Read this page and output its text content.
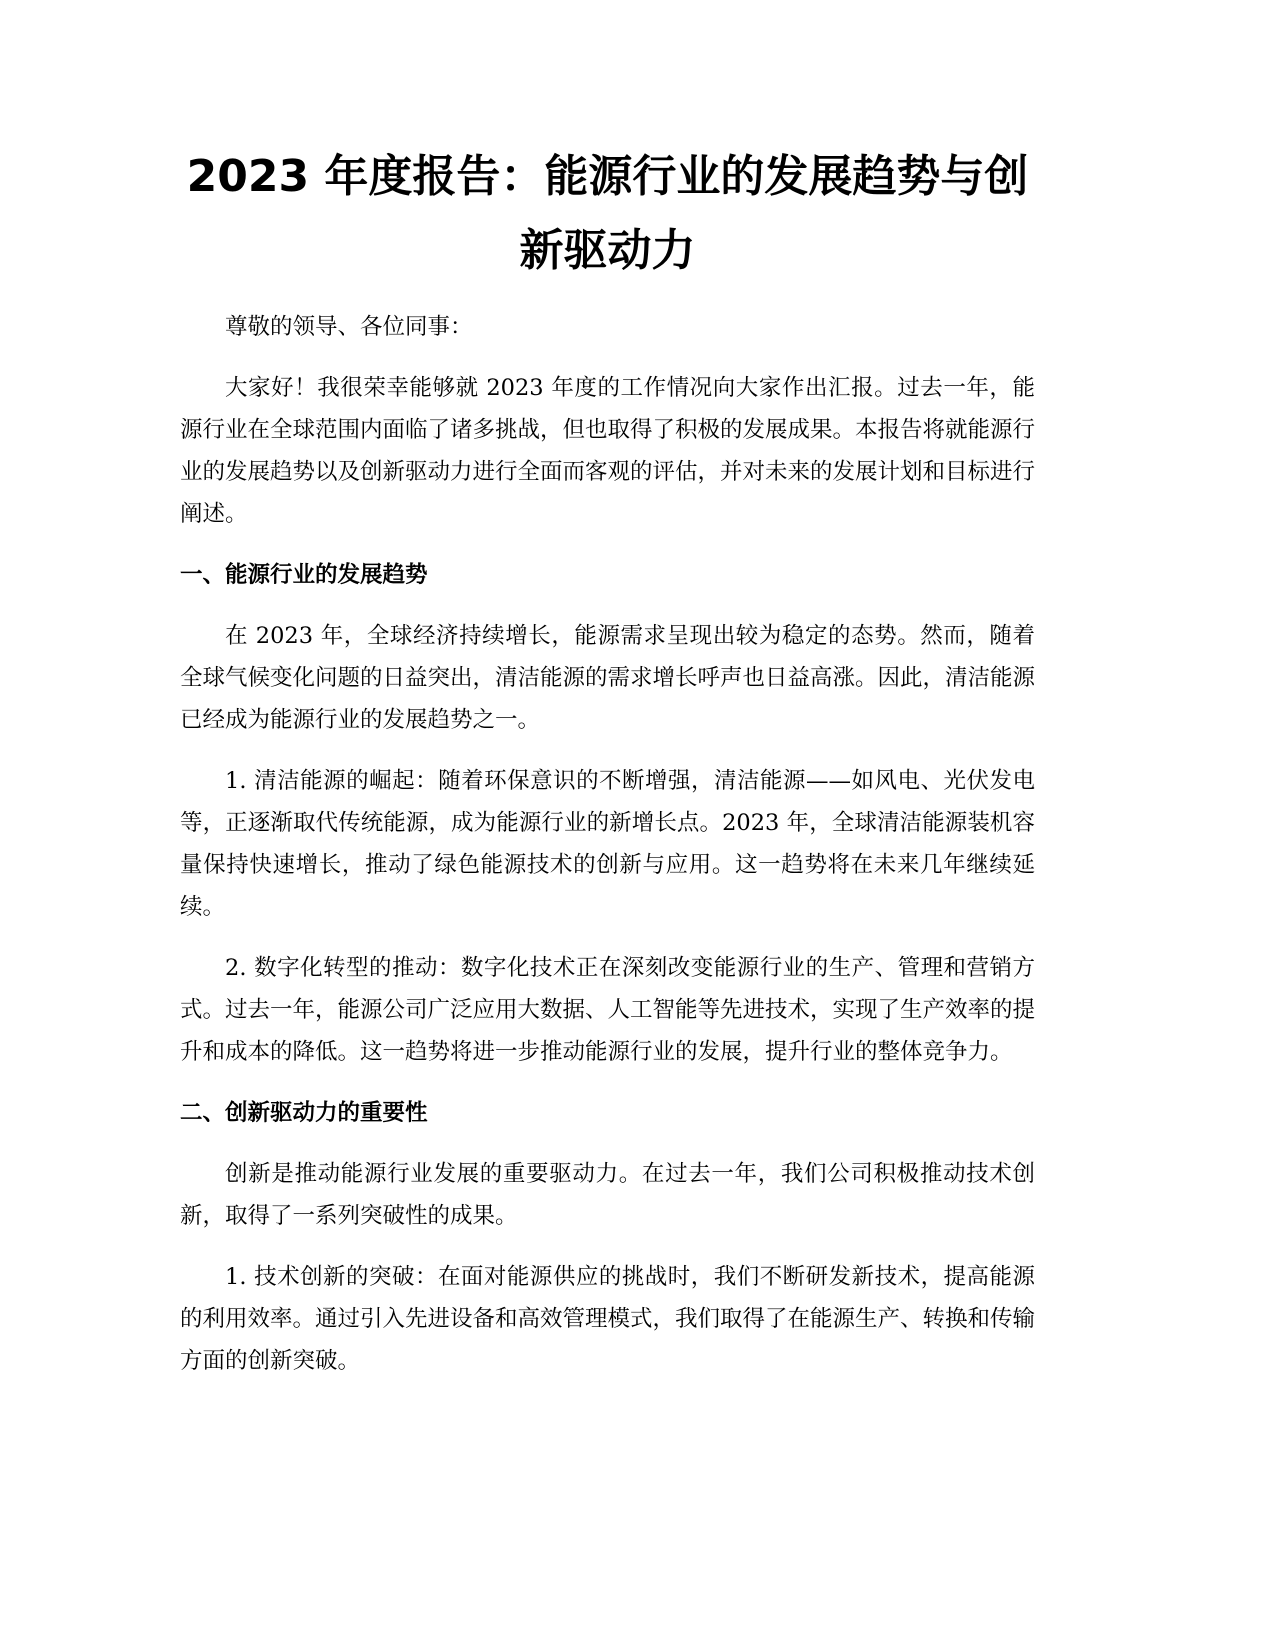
2023 年度报告：能源行业的发展趋势与创新驱动力

尊敬的领导、各位同事：

大家好！我很荣幸能够就 2023 年度的工作情况向大家作出汇报。过去一年，能源行业在全球范围内面临了诸多挑战，但也取得了积极的发展成果。本报告将就能源行业的发展趋势以及创新驱动力进行全面而客观的评估，并对未来的发展计划和目标进行阐述。

一、能源行业的发展趋势

在 2023 年，全球经济持续增长，能源需求呈现出较为稳定的态势。然而，随着全球气候变化问题的日益突出，清洁能源的需求增长呼声也日益高涨。因此，清洁能源已经成为能源行业的发展趋势之一。

1. 清洁能源的崛起：随着环保意识的不断增强，清洁能源——如风电、光伏发电等，正逐渐取代传统能源，成为能源行业的新增长点。2023 年，全球清洁能源装机容量保持快速增长，推动了绿色能源技术的创新与应用。这一趋势将在未来几年继续延续。

2. 数字化转型的推动：数字化技术正在深刻改变能源行业的生产、管理和营销方式。过去一年，能源公司广泛应用大数据、人工智能等先进技术，实现了生产效率的提升和成本的降低。这一趋势将进一步推动能源行业的发展，提升行业的整体竞争力。

二、创新驱动力的重要性

创新是推动能源行业发展的重要驱动力。在过去一年，我们公司积极推动技术创新，取得了一系列突破性的成果。

1. 技术创新的突破：在面对能源供应的挑战时，我们不断研发新技术，提高能源的利用效率。通过引入先进设备和高效管理模式，我们取得了在能源生产、转换和传输方面的创新突破。
